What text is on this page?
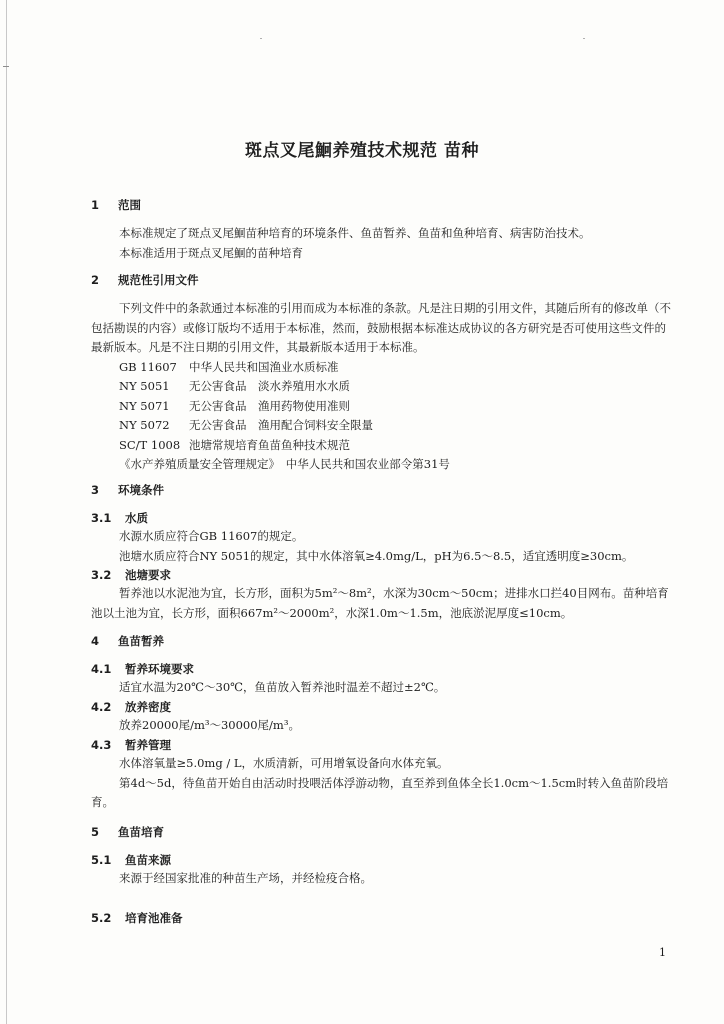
斑点叉尾鮰养殖技术规范 苗种

1 范围

本标准规定了斑点叉尾鮰苗种培育的环境条件、鱼苗暂养、鱼苗和鱼种培育、病害防治技术。

本标准适用于斑点叉尾鮰的苗种培育

2 规范性引用文件

下列文件中的条款通过本标准的引用而成为本标准的条款。凡是注日期的引用文件，其随后所有的修改单（不包括勘误的内容）或修订版均不适用于本标准，然而，鼓励根据本标准达成协议的各方研究是否可使用这些文件的最新版本。凡是不注日期的引用文件，其最新版本适用于本标准。

GB 11607 中华人民共和国渔业水质标准

NY 5051 无公害食品　淡水养殖用水水质

NY 5071 无公害食品　渔用药物使用准则

NY 5072 无公害食品　渔用配合饲料安全限量

SC/T 1008 池塘常规培育鱼苗鱼种技术规范

《水产养殖质量安全管理规定》　中华人民共和国农业部令第31号

3 环境条件

3.1 水质

水源水质应符合GB 11607的规定。

池塘水质应符合NY 5051的规定，其中水体溶氧≥4.0mg/L，pH为6.5～8.5，适宜透明度≥30cm。

3.2 池塘要求

暂养池以水泥池为宜，长方形，面积为5m²～8m²，水深为30cm～50cm；进排水口拦40目网布。苗种培育池以土池为宜，长方形，面积667m²～2000m²，水深1.0m～1.5m，池底淤泥厚度≤10cm。

4 鱼苗暂养

4.1 暂养环境要求

适宜水温为20℃～30℃，鱼苗放入暂养池时温差不超过±2℃。

4.2 放养密度

放养20000尾/m³～30000尾/m³。

4.3 暂养管理

水体溶氧量≥5.0mg / L，水质清新，可用增氧设备向水体充氧。

第4d～5d，待鱼苗开始自由活动时投喂活体浮游动物，直至养到鱼体全长1.0cm～1.5cm时转入鱼苗阶段培育。

5 鱼苗培育

5.1 鱼苗来源

来源于经国家批准的种苗生产场，并经检疫合格。

5.2 培育池准备

1
